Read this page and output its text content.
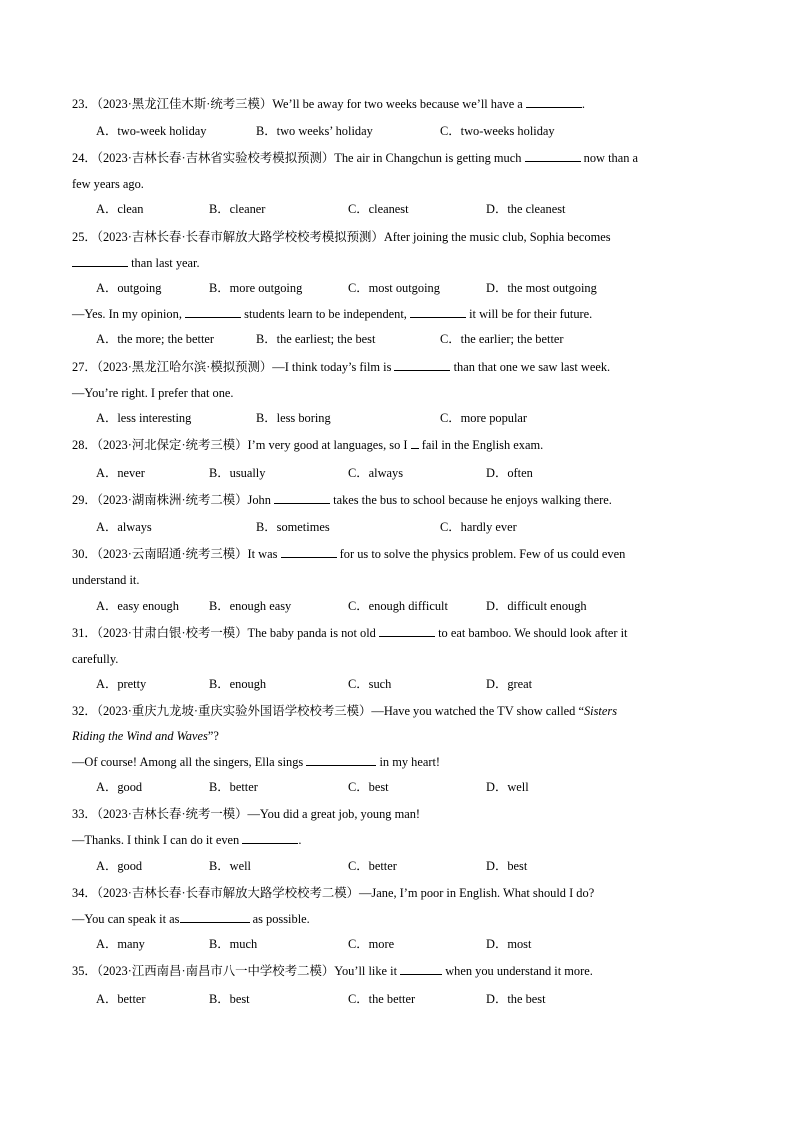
23．（2023·黑龙江佳木斯·统考三模）We’ll be away for two weeks because we’ll have a	.
A．two-week holiday	B．two weeks’ holiday	C．two-weeks holiday
24．（2023·吉林长春·吉林省实验校考模拟预测）The air in Changchun is getting much	now than a
few years ago.
A．clean	B．cleaner	C．cleanest	D．the cleanest
25．（2023·吉林长春·长春市解放大路学校校考模拟预测）After joining the music club, Sophia becomes
than last year.
A．outgoing	B．more outgoing	C．most outgoing	D．the most outgoing
—Yes. In my opinion,	students learn to be independent,	it will be for their future.
A．the more; the better	B．the earliest; the best	C．the earlier; the better
27．（2023·黑龙江哈尔滨·模拟预测）—I think today’s film is	than that one we saw last week.
—You’re right. I prefer that one.
A．less interesting	B．less boring	C．more popular
28．（2023·河北保定·统考三模）I’m very good at languages, so I  fail in the English exam.
A．never	B．usually	C．always	D．often
29．（2023·湖南株洲·统考二模）John	takes the bus to school because he enjoys walking there.
A．always	B．sometimes	C．hardly ever
30．（2023·云南昭通·统考三模）It was	for us to solve the physics problem. Few of us could even
understand it.
A．easy enough B．enough easy	C．enough difficult	D．difficult enough
31．（2023·甘肃白银·校考一模）The baby panda is not old	to eat bamboo. We should look after it
carefully.
A．pretty	B．enough	C．such	D．great
32．（2023·重庆九龙坡·重庆实验外国语学校校考三模）—Have you watched the TV show called “Sisters
Riding the Wind and Waves”?
—Of course! Among all the singers, Ella sings	in my heart!
A．good	B．better	C．best	D．well
33．（2023·吉林长春·统考一模）—You did a great job, young man!
—Thanks. I think I can do it even	.
A．good	B．well	C．better	D．best
34．（2023·吉林长春·长春市解放大路学校校考二模）—Jane, I’m poor in English. What should I do?
—You can speak it as	as possible.
A．many	B．much	C．more	D．most
35．（2023·江西南昌·南昌市八一中学校考二模）You’ll like it	when you understand it more.
A．better	B．best	C．the better	D．the best
